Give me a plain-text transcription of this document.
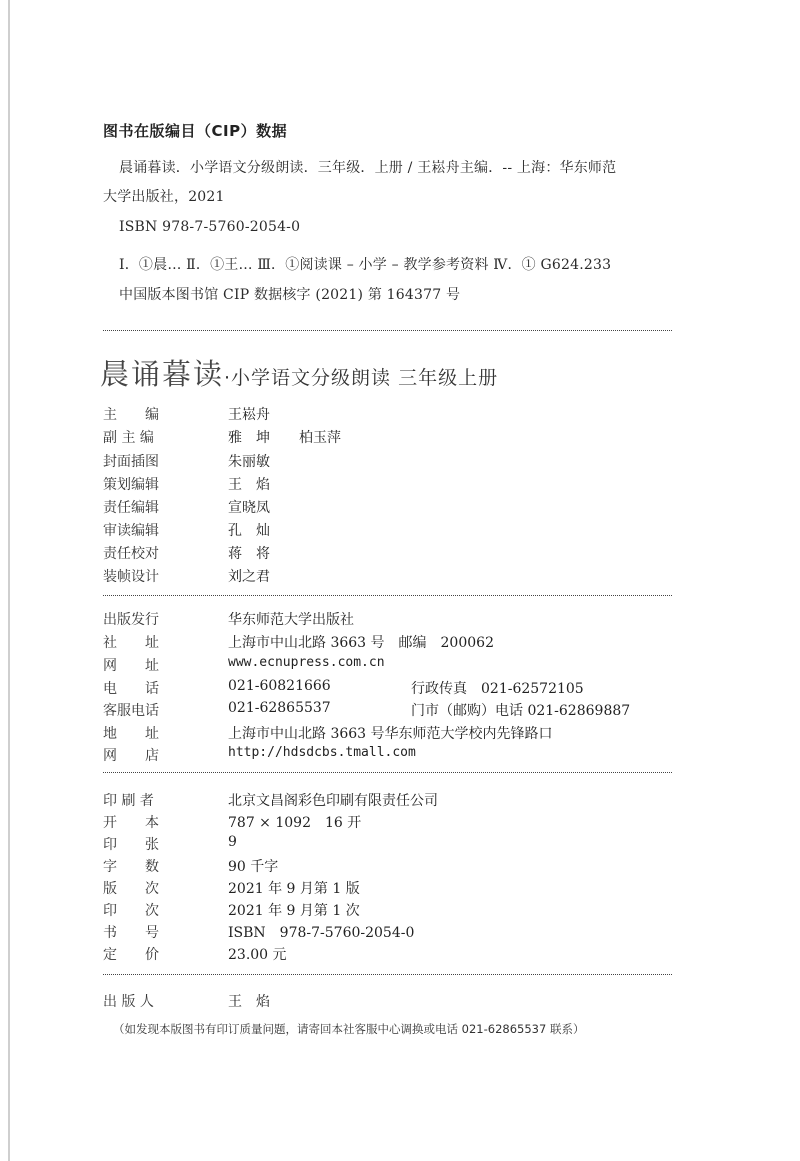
图书在版编目（CIP）数据
晨诵暮读．小学语文分级朗读．三年级．上册 / 王崧舟主编．-- 上海：华东师范
大学出版社，2021
ISBN 978-7-5760-2054-0
Ⅰ．①晨… Ⅱ．①王… Ⅲ．①阅读课 – 小学 – 教学参考资料 Ⅳ．① G624.233
中国版本图书馆 CIP 数据核字 (2021) 第 164377 号
晨诵暮读·小学语文分级朗读 三年级上册
主　　编	王崧舟
副 主 编	雅　坤 柏玉萍
封面插图	朱丽敏
策划编辑	王　焰
责任编辑	宣晓凤
审读编辑	孔　灿
责任校对	蒋　将
装帧设计	刘之君
出版发行	华东师范大学出版社
社　　址	上海市中山北路 3663 号　邮编　200062
网　　址	www.ecnupress.com.cn
电　　话	021-60821666	行政传真　021-62572105
客服电话	021-62865537	门市（邮购）电话 021-62869887
地　　址	上海市中山北路 3663 号华东师范大学校内先锋路口
网　　店	http://hdsdcbs.tmall.com
印 刷 者	北京文昌阁彩色印刷有限责任公司
开　　本	787 × 1092　16 开
印　　张	9
字　　数	90 千字
版　　次	2021 年 9 月第 1 版
印　　次	2021 年 9 月第 1 次
书　　号	ISBN　978-7-5760-2054-0
定　　价	23.00 元
出 版 人	王　焰
（如发现本版图书有印订质量问题，请寄回本社客服中心调换或电话 021-62865537 联系）
